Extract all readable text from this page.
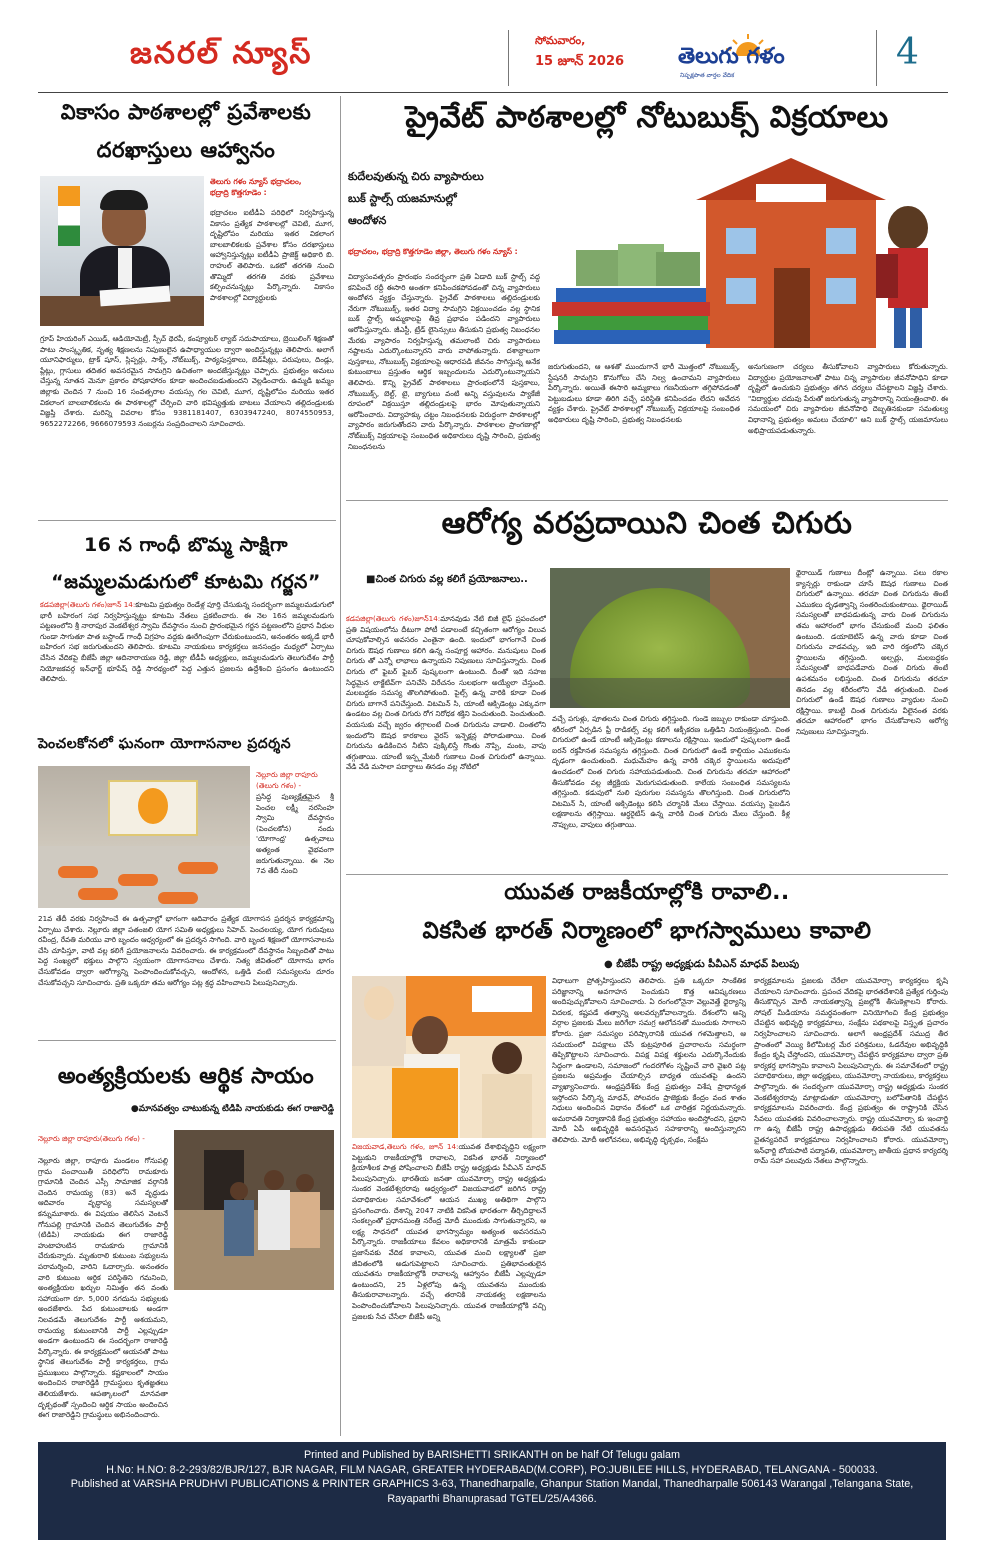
జనరల్ న్యూస్	సోమవారం,
15 జూన్ 2026	తెలుగు గళం
నిష్పక్షపాత వార్తల వేదిక
4
వికాసం పాఠశాలల్లో ప్రవేశాలకు
దరఖాస్తులు ఆహ్వానం
తెలుగు గళం న్యూస్ భద్రాచలం,
భద్రాద్రి కొత్తగూడెం :
భద్రాచలం ఐటీడీఏ పరిధిలో నిర్వహిస్తున్న వికాసం ప్రత్యేక పాఠశాలల్లో చెవిటి, మూగ, దృష్టిలోపం మరియు ఇతర వికలాంగ బాలబాలికలకు ప్రవేశాల కోసం దరఖాస్తులు ఆహ్వానిస్తున్నట్లు ఐటీడీఏ ప్రాజెక్ట్ అధికారి బి. రాహుల్ తెలిపారు. ఒకటో తరగతి నుంచి తొమ్మిదో తరగతి వరకు ప్రవేశాలు కల్పించనున్నట్లు పేర్కొన్నారు. వికాసం పాఠశాలల్లో విద్యార్థులకు
గ్రూప్ హియరింగ్ ఎయిడ్, ఆడియోమెట్రీ, స్పీచ్ థెరపీ, కంప్యూటర్ ల్యాబ్ సదుపాయాలు, బ్రెయిలింగ్ శిక్షణతో పాటు సాంస్కృతిక, నృత్య శిక్షణలను నిపుణులైన ఉపాధ్యాయుల ద్వారా అందిస్తున్నట్లు తెలిపారు. అలాగే యూనిఫార్ములు, ట్రాక్ షూస్, స్లిప్పర్లు, సాక్స్, నోట్‌బుక్స్, పాఠ్యపుస్తకాలు, బెడ్‌షీట్లు, పరుపులు, దిండ్లు, ప్లేట్లు, గ్లాసులు తదితర అవసరమైన సామగ్రిని ఉచితంగా అందజేస్తున్నట్లు చెప్పారు. ప్రభుత్వం అమలు చేస్తున్న నూతన మెనూ ప్రకారం పోషకాహారం కూడా అందించబడుతుందని వెల్లడించారు. ఉమ్మడి ఖమ్మం జిల్లాకు చెందిన 7 నుంచి 16 సంవత్సరాల వయస్సు గల చెవిటి, మూగ, దృష్టిలోపం మరియు ఇతర వికలాంగ బాలబాలికలను ఈ పాఠశాలల్లో చేర్పించి వారి భవిష్యత్తుకు బాటలు వేయాలని తల్లిదండ్రులకు విజ్ఞప్తి చేశారు. మరిన్ని వివరాల కోసం 9381181407, 6303947240, 8074550953, 9652272266, 9666079593 నంబర్లను సంప్రదించాలని సూచించారు.
ప్రైవేట్ పాఠశాలల్లో నోటుబుక్స్ విక్రయాలు
కుదేలవుతున్న చిరు వ్యాపారులు
బుక్ స్టాల్స్ యజమానుల్లో
ఆందోళన
భద్రాచలం, భద్రాద్రి కొత్తగూడెం జిల్లా, తెలుగు గళం న్యూస్ :
విద్యాసంవత్సరం ప్రారంభం సందర్భంగా ప్రతి ఏడాది బుక్ స్టాల్స్ వద్ద కనిపించే రద్దీ ఈసారి అంతగా కనిపించకపోవడంతో చిన్న వ్యాపారులు ఆందోళన వ్యక్తం చేస్తున్నారు. ప్రైవేట్ పాఠశాలలు తల్లిదండ్రులకు నేరుగా నోటుబుక్స్, ఇతర విద్యా సామగ్రిని విక్రయించడం వల్ల స్థానిక బుక్ స్టాల్స్ అమ్మకాలపై తీవ్ర ప్రభావం పడిందని వ్యాపారులు ఆరోపిస్తున్నారు. జీఎస్టీ, ట్రేడ్ లైసెన్సులు తీసుకుని ప్రభుత్వ నిబంధనల మేరకు వ్యాపారం నిర్వహిస్తున్న తమలాంటి చిరు వ్యాపారులు నష్టాలను ఎదుర్కొంటున్నారని వారు వాపోతున్నారు. దశాబ్దాలుగా పుస్తకాలు, నోటుబుక్స్ విక్రయాలపై ఆధారపడి జీవనం సాగిస్తున్న అనేక కుటుంబాలు ప్రస్తుతం ఆర్థిక ఇబ్బందులను ఎదుర్కొంటున్నాయని తెలిపారు. కొన్ని ప్రైవేట్ పాఠశాలలు ప్రారంభంలోనే పుస్తకాలు, నోటుబుక్స్, బెల్ట్, టై, బ్యాగులు వంటి అన్ని వస్తువులను ప్యాకేజీ రూపంలో విక్రయిస్తూ తల్లిదండ్రులపై భారం మోపుతున్నాయని ఆరోపించారు. విద్యాహక్కు చట్టం నిబంధనలకు విరుద్ధంగా పాఠశాలల్లో వ్యాపారం జరుగుతోందని వారు పేర్కొన్నారు. పాఠశాలల ప్రాంగణాల్లో నోట్‌బుక్స్ విక్రయాలపై సంబంధిత అధికారులు దృష్టి సారించి, ప్రభుత్వ నిబంధనలను
జరుగుతుందని, ఆ ఆశతో ముందుగానే భారీ మొత్తంలో నోటుబుక్స్, స్టేషనరీ సామగ్రిని కొనుగోలు చేసి నిల్వ ఉంచామని వ్యాపారులు పేర్కొన్నారు. అయితే ఈసారి అమ్మకాలు గణనీయంగా తగ్గిపోవడంతో పెట్టుబడులు కూడా తిరిగి వచ్చే పరిస్థితి కనిపించడం లేదని ఆవేదన వ్యక్తం చేశారు. ప్రైవేట్ పాఠశాలల్లో నోటుబుక్స్ విక్రయాలపై సంబంధిత అధికారులు దృష్టి సారించి, ప్రభుత్వ నిబంధనలకు
అనుగుణంగా చర్యలు తీసుకోవాలని వ్యాపారులు కోరుతున్నారు. విద్యార్థుల ప్రయోజనాలతో పాటు చిన్న వ్యాపారుల జీవనోపాధిని కూడా దృష్టిలో ఉంచుకుని ప్రభుత్వం తగిన చర్యలు చేపట్టాలని విజ్ఞప్తి చేశారు. "విద్యార్థుల చదువు పేరుతో జరుగుతున్న వ్యాపారాన్ని నియంత్రించాలి. ఈ సమయంలో చిరు వ్యాపారుల జీవనోపాధి దెబ్బతినకుండా సమతుల్య విధానాన్ని ప్రభుత్వం అమలు చేయాలి" అని బుక్ స్టాల్స్ యజమానులు అభిప్రాయపడుతున్నారు.
16 న గాంధీ బొమ్మ సాక్షిగా
“జమ్మలమడుగులో కూటమి గర్జన”
కడపజిల్లా(తెలుగు గళం)జూన్ 14:కూటమి ప్రభుత్వం రెండేళ్ల పూర్తి చేసుకున్న సందర్భంగా జమ్మలమడుగులో భారీ బహిరంగ సభ నిర్వహిస్తున్నట్టు కూటమి నేతలు ప్రకటించారు. ఈ నెల 16న జమ్మలమడుగు పట్టణంలోని శ్రీ నారాపుర వెంకటేశ్వర స్వామి దేవస్థానం నుంచి ప్రారంభమైన గర్జన పట్టణంలోని ప్రధాన వీధుల గుండా సాగుతూ పాత బస్టాండ్ గాంధీ విగ్రహం వద్దకు ఊరేగింపుగా చేరుకుంటుందని, అనంతరం అక్కడే భారీ బహిరంగ సభ జరుగుతుందని తెలిపారు. కూటమి నాయకులు కార్యకర్తలు జనసంద్రం మధ్యలో ఏర్పాటు చేసిన వేదికపై బీజేపీ జిల్లా ఆదినారాయణ రెడ్డి, జిల్లా టీడీపీ అధ్యక్షులు, జమ్మలమడుగు తెలుగుదేశం పార్టీ నియోజకవర్గ ఇన్‌ఛార్జ్ భూపేష్ రెడ్డి సారథ్యంలో పెద్ద ఎత్తున ప్రజలను ఉద్దేశించి ప్రసంగం ఉంటుందని తెలిపారు.
పెంచలకోనలో ఘనంగా యోగాసనాల ప్రదర్శన
నెల్లూరు జిల్లా రాపూరు (తెలుగు గళం) -
ప్రసిద్ధ పుణ్యక్షేత్రమైన శ్రీ పెంచల లక్ష్మీ నరసింహ స్వామి దేవస్థానం (పెంచలకోన) నందు 'యోగాంధ్ర' ఉత్సవాలు అత్యంత వైభవంగా జరుగుతున్నాయి. ఈ నెల 7వ తేదీ నుంచి
21వ తేదీ వరకు నిర్వహించే ఈ ఉత్సవాల్లో భాగంగా ఆదివారం ప్రత్యేక యోగాసన ప్రదర్శన కార్యక్రమాన్ని ఏర్పాటు చేశారు. నెల్లూరు జిల్లా పతంజలి యోగ సమితి అధ్యక్షులు సిహెచ్. పెంచలయ్య, యోగ గురువులు రవీంద్ర, రేవతి మరియు వారి బృందం ఆధ్వర్యంలో ఈ ప్రదర్శన సాగింది. వారి బృంద శిక్షణలో యోగాసనాలను చేసి చూపిస్తూ, వాటి వల్ల కలిగే ప్రయోజనాలను వివరించారు. ఈ కార్యక్రమంలో దేవస్థానం సిబ్బందితో పాటు పెద్ద సంఖ్యలో భక్తులు పాల్గొని స్వయంగా యోగాసనాలు చేశారు. నిత్య జీవితంలో యోగాను భాగం చేసుకోవడం ద్వారా ఆరోగ్యాన్ని పెంపొందించుకోవచ్చని, ఆందోళన, ఒత్తిడి వంటి సమస్యలను దూరం చేసుకోవచ్చని సూచించారు. ప్రతి ఒక్కరూ తమ ఆరోగ్యం పట్ల శ్రద్ధ వహించాలని పిలుపునిచ్చారు.
అంత్యక్రియలకు ఆర్థిక సాయం
●మానవత్వం చాటుకున్న టిడిపి నాయకుడు ఈగ రాజారెడ్డి
నెల్లూరు జిల్లా రాపూరు(తెలుగు గళం) -
నెల్లూరు జిల్లా, రాపూరు మండలం గోనుపల్లి గ్రామ పంచాయితీ పరిధిలోని రామకూరు గ్రామానికి చెందిన ఎస్సీ సామాజిక వర్గానికి చెందిన రామయ్య (83) అనే వృద్ధుడు ఆదివారం వృద్ధాప్య సమస్యలతో కన్నుమూశారు. ఈ విషయం తెలిసిన వెంటనే గోనుపల్లి గ్రామానికి చెందిన తెలుగుదేశం పార్టీ (టిడిపి) నాయకుడు ఈగ రాజారెడ్డి హుటాహుటిన రామకూరు గ్రామానికి చేరుకున్నారు. మృతురాలి కుటుంబ సభ్యులను పరామర్శించి, వారిని ఓదార్చారు. అనంతరం వారి కుటుంబ ఆర్థిక పరిస్థితిని గమనించి, అంత్యక్రియల ఖర్చుల నిమిత్తం తన వంతు సహాయంగా రూ. 5,000 నగదును సభ్యులకు అందజేశారు. పేద కుటుంబాలకు అండగా నిలవడమే తెలుగుదేశం పార్టీ ఆశయమని, రామయ్య కుటుంబానికి పార్టీ ఎల్లప్పుడూ అండగా ఉంటుందని ఈ సందర్భంగా రాజారెడ్డి పేర్కొన్నారు. ఈ కార్యక్రమంలో ఆయనతో పాటు స్థానిక తెలుగుదేశం పార్టీ కార్యకర్తలు, గ్రామ ప్రముఖులు పాల్గొన్నారు. కష్టకాలంలో సాయం అందించిన రాజారెడ్డికి గ్రామస్థులు కృతజ్ఞతలు తెలియజేశారు. ఆపత్కాలంలో మానవతా దృక్పథంతో స్పందించి ఆర్థిక సాయం అందించిన ఈగ రాజారెడ్డిని గ్రామస్థులు అభినందించారు.
ఆరోగ్య వరప్రదాయిని చింత చిగురు
■చింత చిగురు వల్ల కలిగే ప్రయోజనాలు..
కడపజిల్లా(తెలుగు గళం)జూన్14:మానవుడు నేటి బిజీ లైఫ్ ప్రపంచంలో ప్రతి విషయంలోను దీటుగా పోటీ పడాలంటే కచ్చితంగా ఆరోగ్యం విలువ చూపుకోవాల్సిన అవసరం ఎంతైనా ఉంది. ఇందులో భాగంగానే చింత చిగురు ఔషధ గుణాలు కలిగి ఉన్న సంపూర్ణ ఆహారం. మనుషులు చింత చిగురు తో ఎన్నో లాభాలు ఉన్నాయని నిపుణులు సూచిస్తున్నారు. చింత చిగురు లో ఫైబర్ ఫైబర్ పుష్కలంగా ఉంటుంది. దీంతో ఇది సహజ సిద్ధమైన లాక్జేటివ్‌గా పనిచేసి విరేచనం సులభంగా అయ్యేలా చేస్తుంది. మలబద్దకం సమస్య తొలగిపోతుంది. పైల్స్ ఉన్న వారికి కూడా చింత చిగురు బాగానే పనిచేస్తుంది. విటమిన్ సి, యాంటీ ఆక్సిడెంట్లు ఎక్కువగా ఉండటం వల్ల చింత చిగురు రోగ నిరోధక శక్తిని పెంచుతుంది. పెంచుతుంది. వయసుకు వచ్చే జ్వరం తగ్గాలంటే చింత చిగురును వాడాలి. చింతలోని ఇందులోని ఔషధ కారకాలు వైరస్ ఇన్ఫెక్షన్ల పోరాడుతాయి. చింత చిగురును ఉడికించిన నీటిని పుక్కిలిస్తే గొంతు నొప్పి, మంట, వాపు తగ్గుతాయి. యాంటీ ఇన్ఫ్లమేటరీ గుణాలు చింత చిగురులో ఉన్నాయి. వేడి వేడి మసాలా పదార్థాలు తినడం వల్ల నోటిలో
వచ్చే పగుళ్లు, పూతలను చింత చిగురు తగ్గిస్తుంది. గుండె జబ్బుల రాకుండా చూస్తుంది. శరీరంలో ఏర్పడిన ఫ్రీ రాడికల్స్ వల్ల కలిగే ఆక్సీకరణ ఒత్తిడిని నియంత్రిస్తుంది. చింత చిగురులో ఉండే యాంటీ ఆక్సిడెంట్లు కణాలను రక్షిస్తాయి. ఇందులో పుష్కలంగా ఉండే ఐరన్ రక్తహీనత సమస్యను తగ్గిస్తుంది. చింత చిగురులో ఉండే కాల్షియం ఎముకలను దృఢంగా ఉంచుతుంది. మధుమేహం ఉన్న వారికి చక్కెర స్థాయిలను అదుపులో ఉంచడంలో చింత చిగురు సహాయపడుతుంది. చింత చిగురును తరచూ ఆహారంలో తీసుకోవడం వల్ల జీర్ణక్రియ మెరుగుపడుతుంది. కాలేయ సంబంధిత సమస్యలను తగ్గిస్తుంది. కడుపులో నులి పురుగుల సమస్యను తొలగిస్తుంది. చింత చిగురులోని విటమిన్ సి, యాంటీ ఆక్సిడెంట్లు కలిసి చర్మానికి మేలు చేస్తాయి. వయస్సు పైబడిన లక్షణాలను తగ్గిస్తాయి. ఆర్థరైటిస్ ఉన్న వారికి చింత చిగురు మేలు చేస్తుంది. కీళ్ల నొప్పులు, వాపులు తగ్గుతాయి.
థైరాయిడ్ గుణాలు దీంట్లో ఉన్నాయి. పలు రకాల క్యాన్సర్లు రాకుండా చూసే ఔషధ గుణాలు చింత చిగురులో ఉన్నాయి. తరచూ చింత చిగురును తింటే ఎముకలు దృఢత్వాన్ని సంతరించుకుంటాయి. థైరాయిడ్ సమస్యలతో బాధపడుతున్న వారు చింత చిగురును తమ ఆహారంలో భాగం చేసుకుంటే మంచి ఫలితం ఉంటుంది. డయాబెటిస్ ఉన్న వారు కూడా చింత చిగురును వాడవచ్చు. ఇది వారి రక్తంలోని చక్కెర స్థాయిలను తగ్గిస్తుంది. అల్సర్లు, మలబద్ధకం సమస్యలతో బాధపడేవారు చింత చిగురు తింటే ఉపశమనం లభిస్తుంది. చింత చిగురును తరచూ తినడం వల్ల శరీరంలోని వేడి తగ్గుతుంది. చింత చిగురులో ఉండే ఔషధ గుణాలు వ్యాధుల నుంచి రక్షిస్తాయి. కాబట్టి చింత చిగురును వీలైనంత వరకు తరచూ ఆహారంలో భాగం చేసుకోవాలని ఆరోగ్య నిపుణులు సూచిస్తున్నారు.
యువత రాజకీయాల్లోకి రావాలి..
వికసిత భారత్ నిర్మాణంలో భాగస్వాములు కావాలి
● బీజేపీ రాష్ట్ర అధ్యక్షుడు పీవీఎన్ మాధవ్ పిలుపు
విజయవాడ,తెలుగు గళం, జూన్ 14:యువత దేశాభివృద్ధిని లక్ష్యంగా పెట్టుకుని రాజకీయాల్లోకి రావాలని, వికసిత భారత్ నిర్మాణంలో క్రియాశీలక పాత్ర పోషించాలని బీజేపీ రాష్ట్ర అధ్యక్షుడు పీవీఎన్ మాధవ్ పిలుపునిచ్చారు. భారతీయ జనతా యువమోర్చా రాష్ట్ర అధ్యక్షుడు సుంకర వెంకటేశ్వరరావు ఆధ్వర్యంలో విజయవాడలో జరిగిన రాష్ట్ర పదాధికారుల సమావేశంలో ఆయన ముఖ్య అతిథిగా పాల్గొని ప్రసంగించారు. దేశాన్ని 2047 నాటికి వికసిత భారతంగా తీర్చిదిద్దాలనే సంకల్పంతో ప్రధానమంత్రి నరేంద్ర మోదీ ముందుకు సాగుతున్నారని, ఆ లక్ష్య సాధనలో యువత భాగస్వామ్యం అత్యంత అవసరమని పేర్కొన్నారు. రాజకీయాలు కేవలం అధికారానికి మాత్రమే కాకుండా ప్రజాసేవకు వేదిక కావాలని, యువత మంచి లక్ష్యాలతో ప్రజా జీవితంలోకి అడుగుపెట్టాలని సూచించారు. ప్రతిభావంతులైన యువతను రాజకీయాల్లోకి రావాలన్న ఆహ్వానం బీజేపీ ఎల్లప్పుడూ ఉంటుందని, 25 ఏళ్లలోపు ఉన్న యువతను ముందుకు తీసుకురావాలన్నారు. వచ్చే తరానికి నాయకత్వ లక్షణాలను పెంపొందించుకోవాలని పిలుపునిచ్చారు. యువత రాజకీయాల్లోకి వచ్చి ప్రజలకు సేవ చేసేలా బీజేపీ అన్ని
విధాలుగా ప్రోత్సహిస్తుందని తెలిపారు. ప్రతి ఒక్కరూ సాంకేతిక పరిజ్ఞానాన్ని అవగాహన పెంచుకుని కొత్త ఆవిష్కరణలు అందిపుచ్చుకోవాలని సూచించారు. ఏ రంగంలోనైనా వెల్లువెత్తే ధైర్యాన్ని విదలక, కష్టపడే తత్వాన్ని అలవర్చుకోవాలన్నారు. దేశంలోని అన్ని వర్గాల ప్రజలకు మేలు జరిగేలా సమగ్ర ఆలోచనతో ముందుకు సాగాలని కోరారు. ప్రజా సమస్యల పరిష్కారానికి యువత గళమెత్తాలని, ఆ సమయంలో విపక్షాలు చేసే కుట్రపూరిత ప్రచారాలను సమర్థంగా తిప్పికొట్టాలని సూచించారు. విపక్ష విపక్ష శక్తులను ఎదుర్కొనేందుకు సిద్ధంగా ఉండాలని, సమాజంలో గందరగోళం సృష్టించే వారి వైఖరి పట్ల ప్రజలను అప్రమత్తం చేయాల్సిన బాధ్యత యువతపై ఉందని వ్యాఖ్యానించారు. ఆంధ్రప్రదేశ్‌కు కేంద్ర ప్రభుత్వం విశేష ప్రాధాన్యత ఇస్తోందని పేర్కొన్న మాధవ్, పోలవరం ప్రాజెక్టుకు కేంద్రం వంద శాతం నిధులు అందించిన విధానం దేశంలో ఒక చారిత్రక నిర్ణయమన్నారు. అమరావతి నిర్మాణానికి కేంద్ర ప్రభుత్వం సహాయం అందిస్తోందని, ప్రధాని మోదీ ఏపీ అభివృద్ధికి అవసరమైన సహకారాన్ని అందిస్తున్నారని తెలిపారు. మోదీ ఆలోచనలు, అభివృద్ధి దృక్పథం, సంక్షేమ
కార్యక్రమాలను ప్రజలకు చేరేలా యువమోర్చా కార్యకర్తలు కృషి చేయాలని సూచించారు. ప్రపంచ వేదికపై భారతదేశానికి ప్రత్యేక గుర్తింపు తీసుకొచ్చిన మోదీ నాయకత్వాన్ని ప్రజల్లోకి తీసుకెళ్లాలని కోరారు. సోషల్ మీడియాను సమర్థవంతంగా వినియోగించి కేంద్ర ప్రభుత్వం చేపట్టిన అభివృద్ధి కార్యక్రమాలు, సంక్షేమ పథకాలపై విస్తృత ప్రచారం నిర్వహించాలని సూచించారు. అలాగే ఆంధ్రప్రదేశ్ సముద్ర తీర ప్రాంతంలో వెయ్యి కిలోమీటర్ల మేర పరిశ్రమలు, ఓడరేవుల అభివృద్ధికి కేంద్రం కృషి చేస్తోందని, యువమోర్చా చేపట్టిన కార్యక్రమాల ద్వారా ప్రతి కార్యకర్త భాగస్వామి కావాలని పిలుపునిచ్చారు. ఈ సమావేశంలో రాష్ట్ర పదాధికారులు, జిల్లా అధ్యక్షులు, యువమోర్చా నాయకులు, కార్యకర్తలు పాల్గొన్నారు. ఈ సందర్భంగా యువమోర్చా రాష్ట్ర అధ్యక్షుడు సుంకర వెంకటేశ్వరరావు మాట్లాడుతూ యువమోర్చా బలోపేతానికి చేపట్టిన కార్యక్రమాలను వివరించారు. కేంద్ర ప్రభుత్వం ఈ రాష్ట్రానికి చేసిన సేవలు యువతకు వివరించాలన్నారు. రాష్ట్ర యువమోర్చా కు ఇంచార్జి గా ఉన్న బీజేపీ రాష్ట్ర ఉపాధ్యక్షుడు తిరుపతి నేటి యువతను చైతన్యపరిచే కార్యక్రమాలు నిర్వహించాలని కోరారు. యువమోర్చా ఇన్‌ఛార్జి బోయపాటి పద్మావతి, యువమోర్చా జాతీయ ప్రధాన కార్యదర్శి రామ్ సహా పలువురు నేతలు పాల్గొన్నారు.
Printed and Published by BARISHETTI SRIKANTH on be half Of Telugu galam
H.No: H.NO: 8-2-293/82/BJR/127, BJR NAGAR, FILM NAGAR, GREATER HYDERABAD(M.CORP), PO:JUBILEE HILLS, HYDERABAD, TELANGANA - 500033.
Published at VARSHA PRUDHVI PUBLICATIONS & PRINTER GRAPHICS 3-63, Thanedharpalle, Ghanpur Station Mandal, Thanedharpalle 506143 Warangal ,Telangana State,
Rayaparthi Bhanuprasad TGTEL/25/A4366.
